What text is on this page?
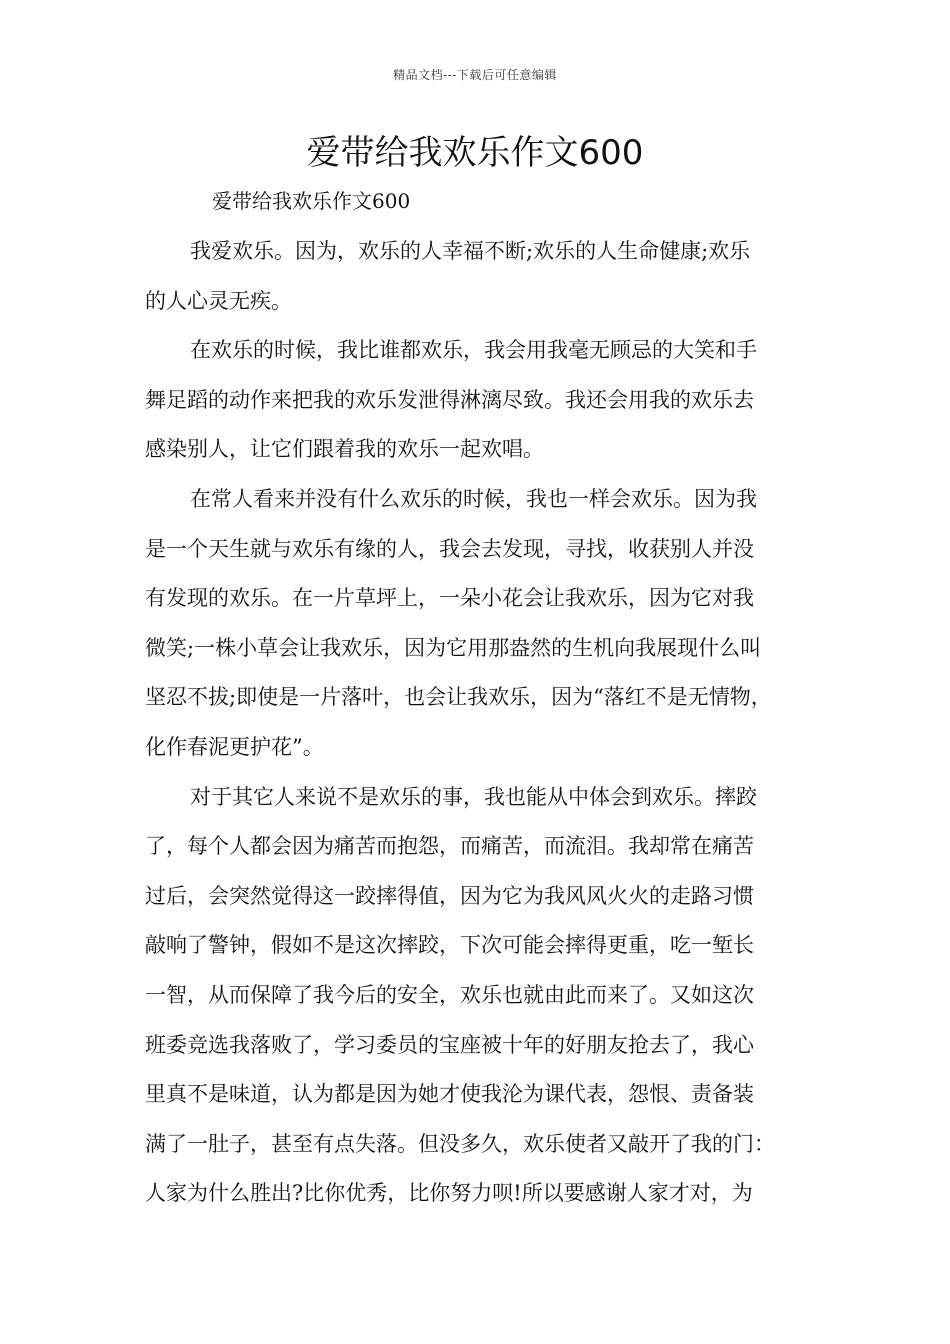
精品文档---下载后可任意编辑
爱带给我欢乐作文600
爱带给我欢乐作文600
我爱欢乐。因为，欢乐的人幸福不断;欢乐的人生命健康;欢乐
的人心灵无疾。
在欢乐的时候，我比谁都欢乐，我会用我毫无顾忌的大笑和手
舞足蹈的动作来把我的欢乐发泄得淋漓尽致。我还会用我的欢乐去
感染别人，让它们跟着我的欢乐一起欢唱。
在常人看来并没有什么欢乐的时候，我也一样会欢乐。因为我
是一个天生就与欢乐有缘的人，我会去发现，寻找，收获别人并没
有发现的欢乐。在一片草坪上，一朵小花会让我欢乐，因为它对我
微笑;一株小草会让我欢乐，因为它用那盎然的生机向我展现什么叫
坚忍不拔;即使是一片落叶，也会让我欢乐，因为“落红不是无情物，
化作春泥更护花”。
对于其它人来说不是欢乐的事，我也能从中体会到欢乐。摔跤
了，每个人都会因为痛苦而抱怨，而痛苦，而流泪。我却常在痛苦
过后，会突然觉得这一跤摔得值，因为它为我风风火火的走路习惯
敲响了警钟，假如不是这次摔跤，下次可能会摔得更重，吃一堑长
一智，从而保障了我今后的安全，欢乐也就由此而来了。又如这次
班委竞选我落败了，学习委员的宝座被十年的好朋友抢去了，我心
里真不是味道，认为都是因为她才使我沦为课代表，怨恨、责备装
满了一肚子，甚至有点失落。但没多久，欢乐使者又敲开了我的门：
人家为什么胜出?比你优秀，比你努力呗!所以要感谢人家才对，为
